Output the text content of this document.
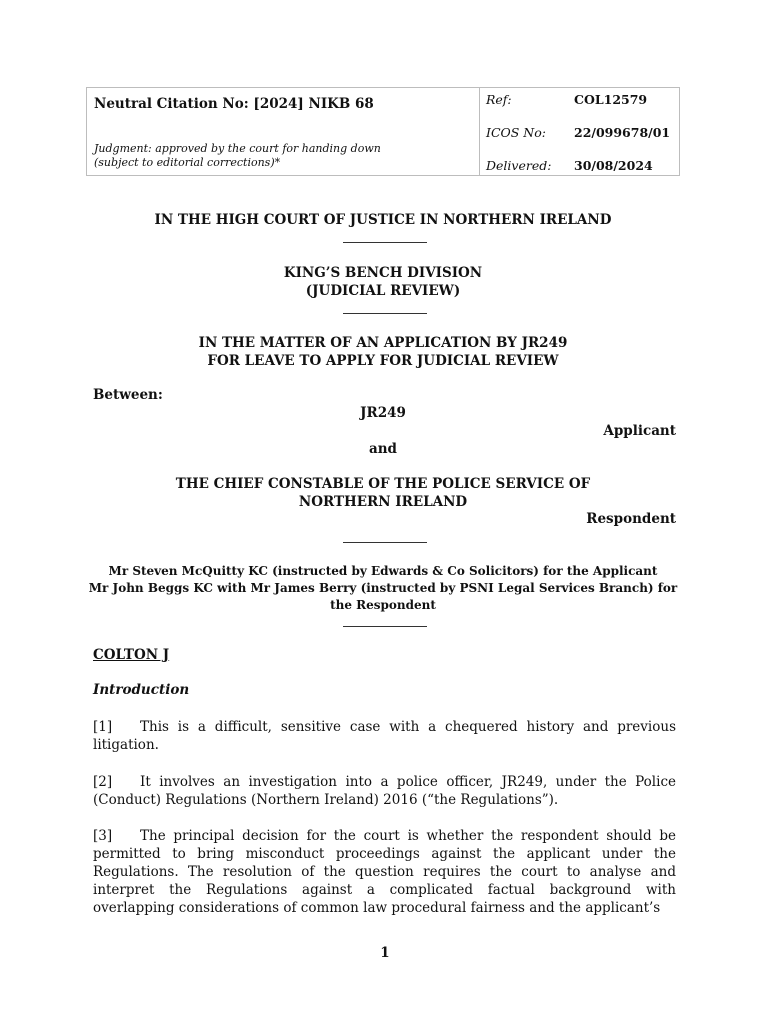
Neutral Citation No: [2024] NIKB 68
Judgment: approved by the court for handing down
(subject to editorial corrections)*
Ref:	COL12579
ICOS No: 22/099678/01
Delivered: 30/08/2024
IN THE HIGH COURT OF JUSTICE IN NORTHERN IRELAND
KING’S BENCH DIVISION
(JUDICIAL REVIEW)
IN THE MATTER OF AN APPLICATION BY JR249
FOR LEAVE TO APPLY FOR JUDICIAL REVIEW
Between:
JR249
Applicant
and
THE CHIEF CONSTABLE OF THE POLICE SERVICE OF
NORTHERN IRELAND
Respondent
Mr Steven McQuitty KC (instructed by Edwards & Co Solicitors) for the Applicant
Mr John Beggs KC with Mr James Berry (instructed by PSNI Legal Services Branch) for
the Respondent
COLTON J
Introduction
[1] This is a difficult, sensitive case with a chequered history and previous litigation.
[2] It involves an investigation into a police officer, JR249, under the Police (Conduct) Regulations (Northern Ireland) 2016 (“the Regulations”).
[3] The principal decision for the court is whether the respondent should be permitted to bring misconduct proceedings against the applicant under the Regulations. The resolution of the question requires the court to analyse and interpret the Regulations against a complicated factual background with overlapping considerations of common law procedural fairness and the applicant’s
1
